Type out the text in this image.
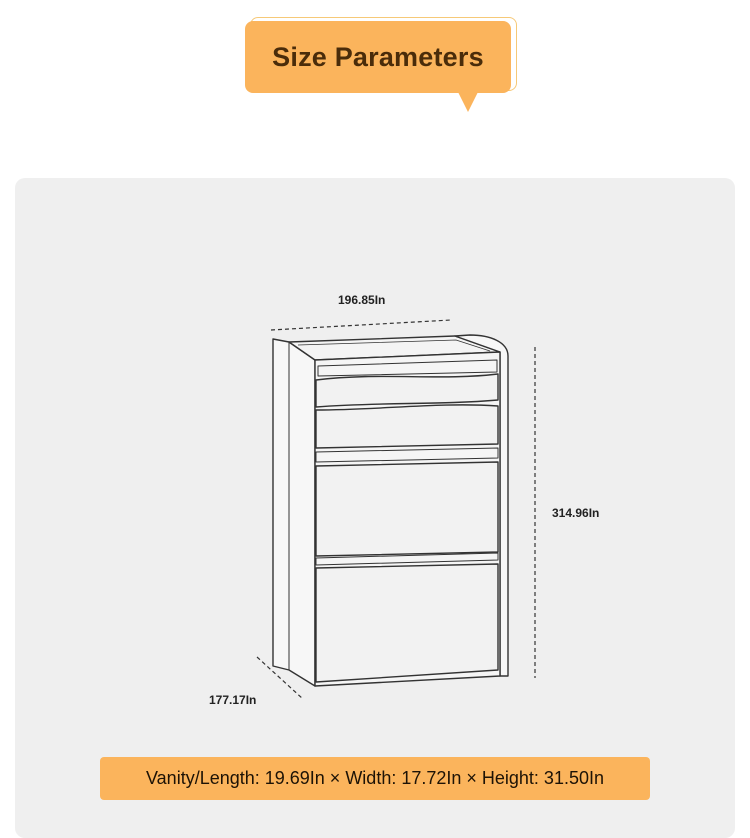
Size Parameters
196.85In
314.96In
177.17In
Vanity/Length: 19.69In × Width: 17.72In × Height: 31.50In
